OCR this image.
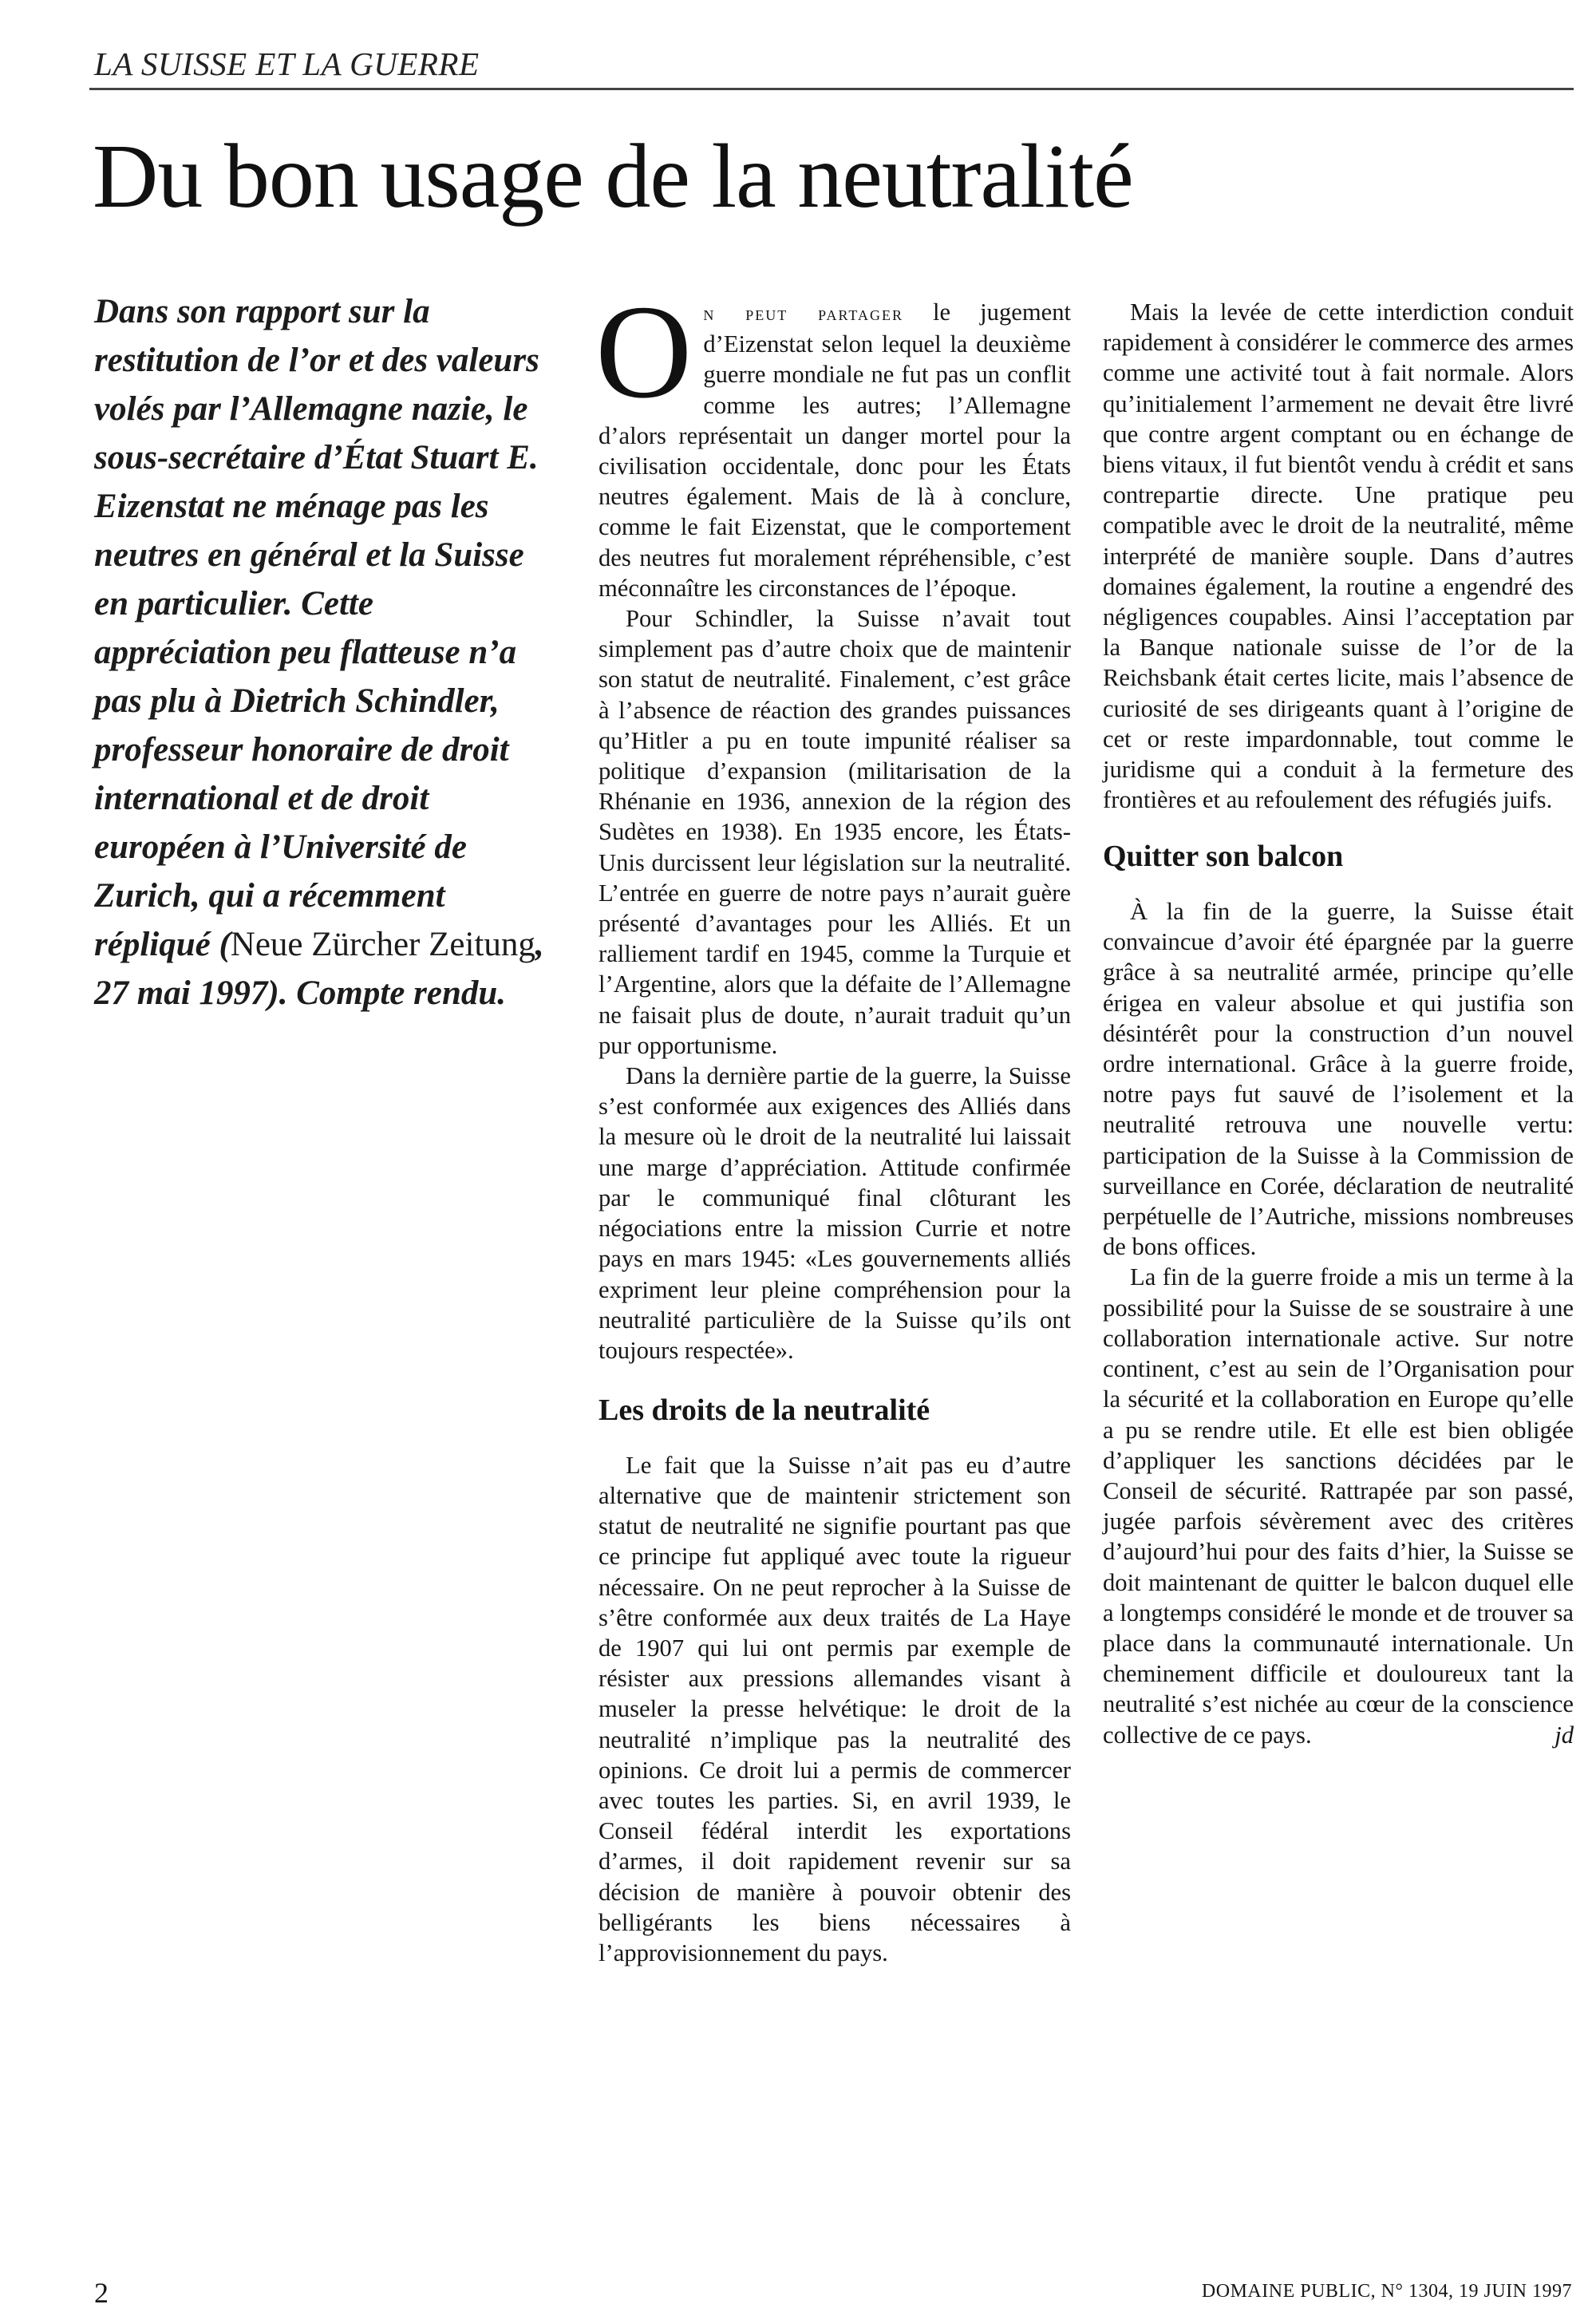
LA SUISSE ET LA GUERRE
Du bon usage de la neutralité

Dans son rapport sur la restitution de l’or et des valeurs volés par l’Allemagne nazie, le sous-secrétaire d’État Stuart E. Eizenstat ne ménage pas les neutres en général et la Suisse en particulier. Cette appréciation peu flatteuse n’a pas plu à Dietrich Schindler, professeur honoraire de droit international et de droit européen à l’Université de Zurich, qui a récemment répliqué (Neue Zürcher Zeitung, 27 mai 1997). Compte rendu.

On peut partager le jugement d’Eizenstat selon lequel la deuxième guerre mondiale ne fut pas un conflit comme les autres; l’Allemagne d’alors représentait un danger mortel pour la civilisation occidentale, donc pour les États neutres également. Mais de là à conclure, comme le fait Eizenstat, que le comportement des neutres fut moralement répréhensible, c’est méconnaître les circonstances de l’époque.

Pour Schindler, la Suisse n’avait tout simplement pas d’autre choix que de maintenir son statut de neutralité. Finalement, c’est grâce à l’absence de réaction des grandes puissances qu’Hitler a pu en toute impunité réaliser sa politique d’expansion (militarisation de la Rhénanie en 1936, annexion de la région des Sudètes en 1938). En 1935 encore, les États-Unis durcissent leur législation sur la neutralité. L’entrée en guerre de notre pays n’aurait guère présenté d’avantages pour les Alliés. Et un ralliement tardif en 1945, comme la Turquie et l’Argentine, alors que la défaite de l’Allemagne ne faisait plus de doute, n’aurait traduit qu’un pur opportunisme.

Dans la dernière partie de la guerre, la Suisse s’est conformée aux exigences des Alliés dans la mesure où le droit de la neutralité lui laissait une marge d’appréciation. Attitude confirmée par le communiqué final clôturant les négociations entre la mission Currie et notre pays en mars 1945: «Les gouvernements alliés expriment leur pleine compréhension pour la neutralité particulière de la Suisse qu’ils ont toujours respectée».

Les droits de la neutralité

Le fait que la Suisse n’ait pas eu d’autre alternative que de maintenir strictement son statut de neutralité ne signifie pourtant pas que ce principe fut appliqué avec toute la rigueur nécessaire. On ne peut reprocher à la Suisse de s’être conformée aux deux traités de La Haye de 1907 qui lui ont permis par exemple de résister aux pressions allemandes visant à museler la presse helvétique: le droit de la neutralité n’implique pas la neutralité des opinions. Ce droit lui a permis de commercer avec toutes les parties. Si, en avril 1939, le Conseil fédéral interdit les exportations d’armes, il doit rapidement revenir sur sa décision de manière à pouvoir obtenir des belligérants les biens nécessaires à l’approvisionnement du pays.

Mais la levée de cette interdiction conduit rapidement à considérer le commerce des armes comme une activité tout à fait normale. Alors qu’initialement l’armement ne devait être livré que contre argent comptant ou en échange de biens vitaux, il fut bientôt vendu à crédit et sans contrepartie directe. Une pratique peu compatible avec le droit de la neutralité, même interprété de manière souple. Dans d’autres domaines également, la routine a engendré des négligences coupables. Ainsi l’acceptation par la Banque nationale suisse de l’or de la Reichsbank était certes licite, mais l’absence de curiosité de ses dirigeants quant à l’origine de cet or reste impardonnable, tout comme le juridisme qui a conduit à la fermeture des frontières et au refoulement des réfugiés juifs.

Quitter son balcon

À la fin de la guerre, la Suisse était convaincue d’avoir été épargnée par la guerre grâce à sa neutralité armée, principe qu’elle érigea en valeur absolue et qui justifia son désintérêt pour la construction d’un nouvel ordre international. Grâce à la guerre froide, notre pays fut sauvé de l’isolement et la neutralité retrouva une nouvelle vertu: participation de la Suisse à la Commission de surveillance en Corée, déclaration de neutralité perpétuelle de l’Autriche, missions nombreuses de bons offices.

La fin de la guerre froide a mis un terme à la possibilité pour la Suisse de se soustraire à une collaboration internationale active. Sur notre continent, c’est au sein de l’Organisation pour la sécurité et la collaboration en Europe qu’elle a pu se rendre utile. Et elle est bien obligée d’appliquer les sanctions décidées par le Conseil de sécurité. Rattrapée par son passé, jugée parfois sévèrement avec des critères d’aujourd’hui pour des faits d’hier, la Suisse se doit maintenant de quitter le balcon duquel elle a longtemps considéré le monde et de trouver sa place dans la communauté internationale. Un cheminement difficile et douloureux tant la neutralité s’est nichée au cœur de la conscience collective de ce pays.	jd

2	DOMAINE PUBLIC, N° 1304, 19 JUIN 1997
